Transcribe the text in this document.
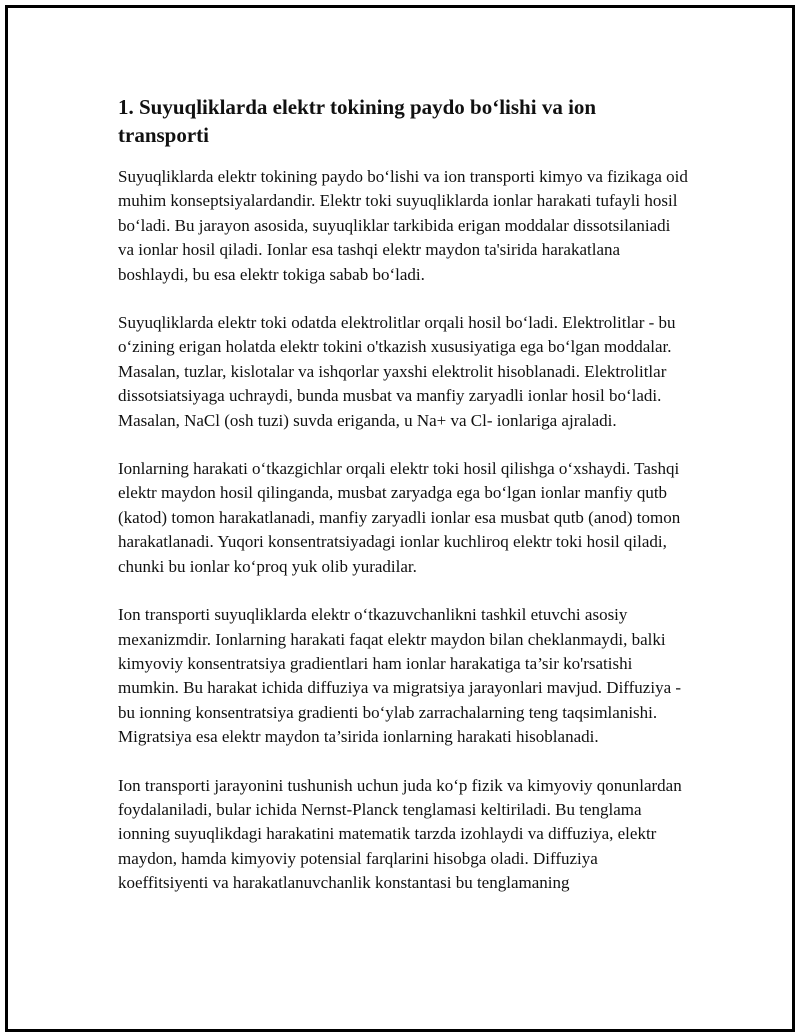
1. Suyuqliklarda elektr tokining paydo bo‘lishi va ion transporti

Suyuqliklarda elektr tokining paydo bo‘lishi va ion transporti kimyo va fizikaga oid muhim konseptsiyalardandir. Elektr toki suyuqliklarda ionlar harakati tufayli hosil bo‘ladi. Bu jarayon asosida, suyuqliklar tarkibida erigan moddalar dissotsilaniadi va ionlar hosil qiladi. Ionlar esa tashqi elektr maydon ta'sirida harakatlana boshlaydi, bu esa elektr tokiga sabab bo‘ladi.

Suyuqliklarda elektr toki odatda elektrolitlar orqali hosil bo‘ladi. Elektrolitlar - bu o‘zining erigan holatda elektr tokini o'tkazish xususiyatiga ega bo‘lgan moddalar. Masalan, tuzlar, kislotalar va ishqorlar yaxshi elektrolit hisoblanadi. Elektrolitlar dissotsiatsiyaga uchraydi, bunda musbat va manfiy zaryadli ionlar hosil bo‘ladi. Masalan, NaCl (osh tuzi) suvda eriganda, u Na+ va Cl- ionlariga ajraladi.

Ionlarning harakati o‘tkazgichlar orqali elektr toki hosil qilishga o‘xshaydi. Tashqi elektr maydon hosil qilinganda, musbat zaryadga ega bo‘lgan ionlar manfiy qutb (katod) tomon harakatlanadi, manfiy zaryadli ionlar esa musbat qutb (anod) tomon harakatlanadi. Yuqori konsentratsiyadagi ionlar kuchliroq elektr toki hosil qiladi, chunki bu ionlar ko‘proq yuk olib yuradilar.

Ion transporti suyuqliklarda elektr o‘tkazuvchanlikni tashkil etuvchi asosiy mexanizmdir. Ionlarning harakati faqat elektr maydon bilan cheklanmaydi, balki kimyoviy konsentratsiya gradientlari ham ionlar harakatiga ta’sir ko'rsatishi mumkin. Bu harakat ichida diffuziya va migratsiya jarayonlari mavjud. Diffuziya - bu ionning konsentratsiya gradienti bo‘ylab zarrachalarning teng taqsimlanishi. Migratsiya esa elektr maydon ta’sirida ionlarning harakati hisoblanadi.

Ion transporti jarayonini tushunish uchun juda ko‘p fizik va kimyoviy qonunlardan foydalaniladi, bular ichida Nernst-Planck tenglamasi keltiriladi. Bu tenglama ionning suyuqlikdagi harakatini matematik tarzda izohlaydi va diffuziya, elektr maydon, hamda kimyoviy potensial farqlarini hisobga oladi. Diffuziya koeffitsiyenti va harakatlanuvchanlik konstantasi bu tenglamaning
